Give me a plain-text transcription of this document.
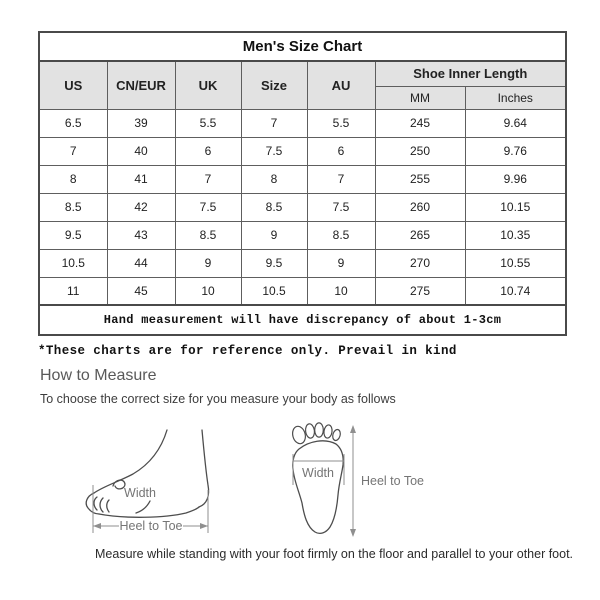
Men's Size Chart						
US	CN/EUR	UK	Size	AU	Shoe Inner Length	
					MM	Inches
6.5	39	5.5	7	5.5	245	9.64
7	40	6	7.5	6	250	9.76
8	41	7	8	7	255	9.96
8.5	42	7.5	8.5	7.5	260	10.15
9.5	43	8.5	9	8.5	265	10.35
10.5	44	9	9.5	9	270	10.55
11	45	10	10.5	10	275	10.74
Hand measurement will have discrepancy of about 1-3cm						
*These charts are for reference only. Prevail in kind
How to Measure
To choose the correct size for you measure your body as follows
Width
Heel to Toe
Width
Heel to Toe
Measure while standing with your foot firmly on the floor and parallel to your other foot.
